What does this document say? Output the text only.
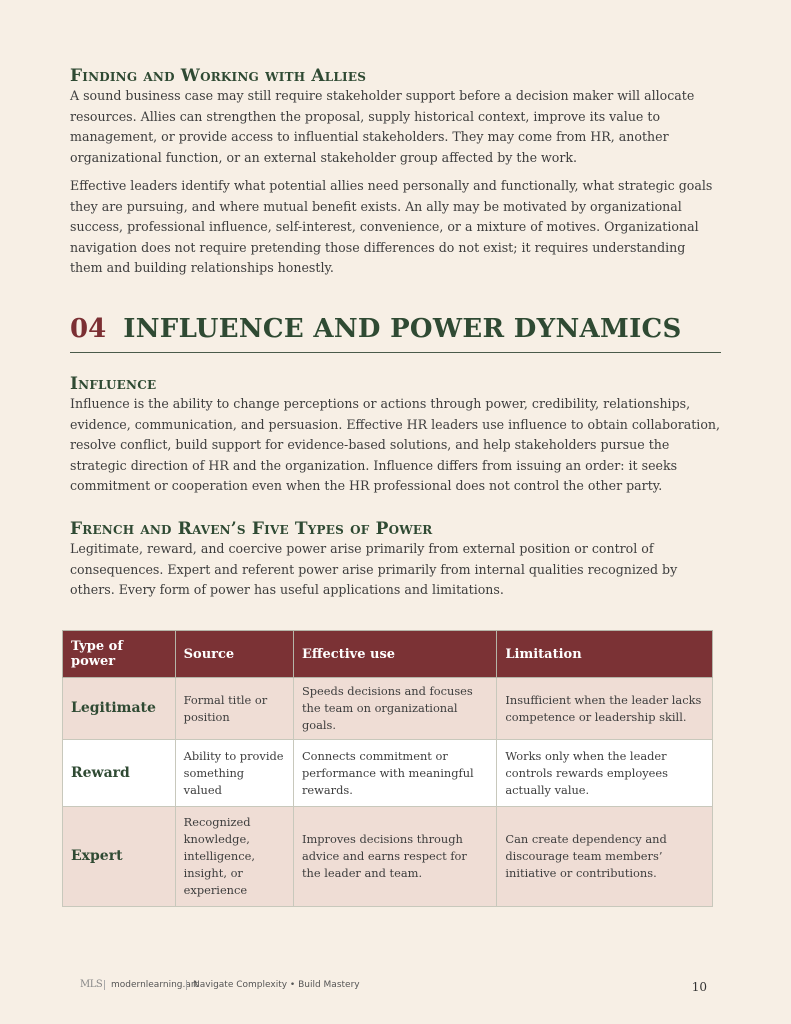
Finding and Working with Allies

A sound business case may still require stakeholder support before a decision maker will allocate resources. Allies can strengthen the proposal, supply historical context, improve its value to management, or provide access to influential stakeholders. They may come from HR, another organizational function, or an external stakeholder group affected by the work.

Effective leaders identify what potential allies need personally and functionally, what strategic goals they are pursuing, and where mutual benefit exists. An ally may be motivated by organizational success, professional influence, self-interest, convenience, or a mixture of motives. Organizational navigation does not require pretending those differences do not exist; it requires understanding them and building relationships honestly.

04 INFLUENCE AND POWER DYNAMICS
Influence

Influence is the ability to change perceptions or actions through power, credibility, relationships, evidence, communication, and persuasion. Effective HR leaders use influence to obtain collaboration, resolve conflict, build support for evidence-based solutions, and help stakeholders pursue the strategic direction of HR and the organization. Influence differs from issuing an order: it seeks commitment or cooperation even when the HR professional does not control the other party.

French and Raven’s Five Types of Power

Legitimate, reward, and coercive power arise primarily from external position or control of consequences. Expert and referent power arise primarily from internal qualities recognized by others. Every form of power has useful applications and limitations.

Type of power	Source	Effective use	Limitation
Legitimate	Formal title or position	Speeds decisions and focuses the team on organizational goals.	Insufficient when the leader lacks competence or leadership skill.
Reward	Ability to provide something valued	Connects commitment or performance with meaningful rewards.	Works only when the leader controls rewards employees actually value.
Expert	Recognized knowledge, intelligence, insight, or experience	Improves decisions through advice and earns respect for the leader and team.	Can create dependency and discourage team members’ initiative or contributions.
MLS modernlearning.art
Navigate Complexity • Build Mastery	10
